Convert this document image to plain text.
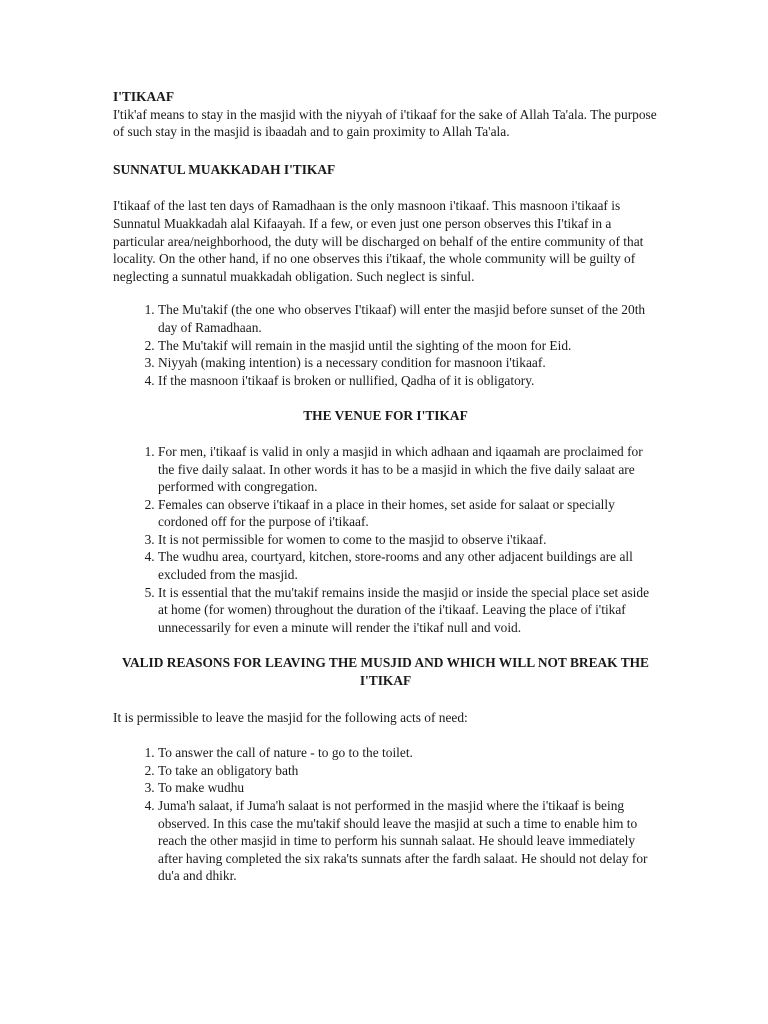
I'TIKAAF

I'tik'af means to stay in the masjid with the niyyah of i'tikaaf for the sake of Allah Ta'ala. The purpose of such stay in the masjid is ibaadah and to gain proximity to Allah Ta'ala.

SUNNATUL MUAKKADAH I'TIKAF

I'tikaaf of the last ten days of Ramadhaan is the only masnoon i'tikaaf. This masnoon i'tikaaf is Sunnatul Muakkadah alal Kifaayah. If a few, or even just one person observes this I'tikaf in a particular area/neighborhood, the duty will be discharged on behalf of the entire community of that locality. On the other hand, if no one observes this i'tikaaf, the whole community will be guilty of neglecting a sunnatul muakkadah obligation. Such neglect is sinful.

1. The Mu'takif (the one who observes I'tikaaf) will enter the masjid before sunset of the 20th day of Ramadhaan.
2. The Mu'takif will remain in the masjid until the sighting of the moon for Eid.
3. Niyyah (making intention) is a necessary condition for masnoon i'tikaaf.
4. If the masnoon i'tikaaf is broken or nullified, Qadha of it is obligatory.

THE VENUE FOR I'TIKAF

1. For men, i'tikaaf is valid in only a masjid in which adhaan and iqaamah are proclaimed for the five daily salaat. In other words it has to be a masjid in which the five daily salaat are performed with congregation.
2. Females can observe i'tikaaf in a place in their homes, set aside for salaat or specially cordoned off for the purpose of i'tikaaf.
3. It is not permissible for women to come to the masjid to observe i'tikaaf.
4. The wudhu area, courtyard, kitchen, store-rooms and any other adjacent buildings are all excluded from the masjid.
5. It is essential that the mu'takif remains inside the masjid or inside the special place set aside at home (for women) throughout the duration of the i'tikaaf. Leaving the place of i'tikaf unnecessarily for even a minute will render the i'tikaf null and void.

VALID REASONS FOR LEAVING THE MUSJID AND WHICH WILL NOT BREAK THE I'TIKAF

It is permissible to leave the masjid for the following acts of need:

1. To answer the call of nature - to go to the toilet.
2. To take an obligatory bath
3. To make wudhu
4. Juma'h salaat, if Juma'h salaat is not performed in the masjid where the i'tikaaf is being observed. In this case the mu'takif should leave the masjid at such a time to enable him to reach the other masjid in time to perform his sunnah salaat. He should leave immediately after having completed the six raka'ts sunnats after the fardh salaat. He should not delay for du'a and dhikr.
